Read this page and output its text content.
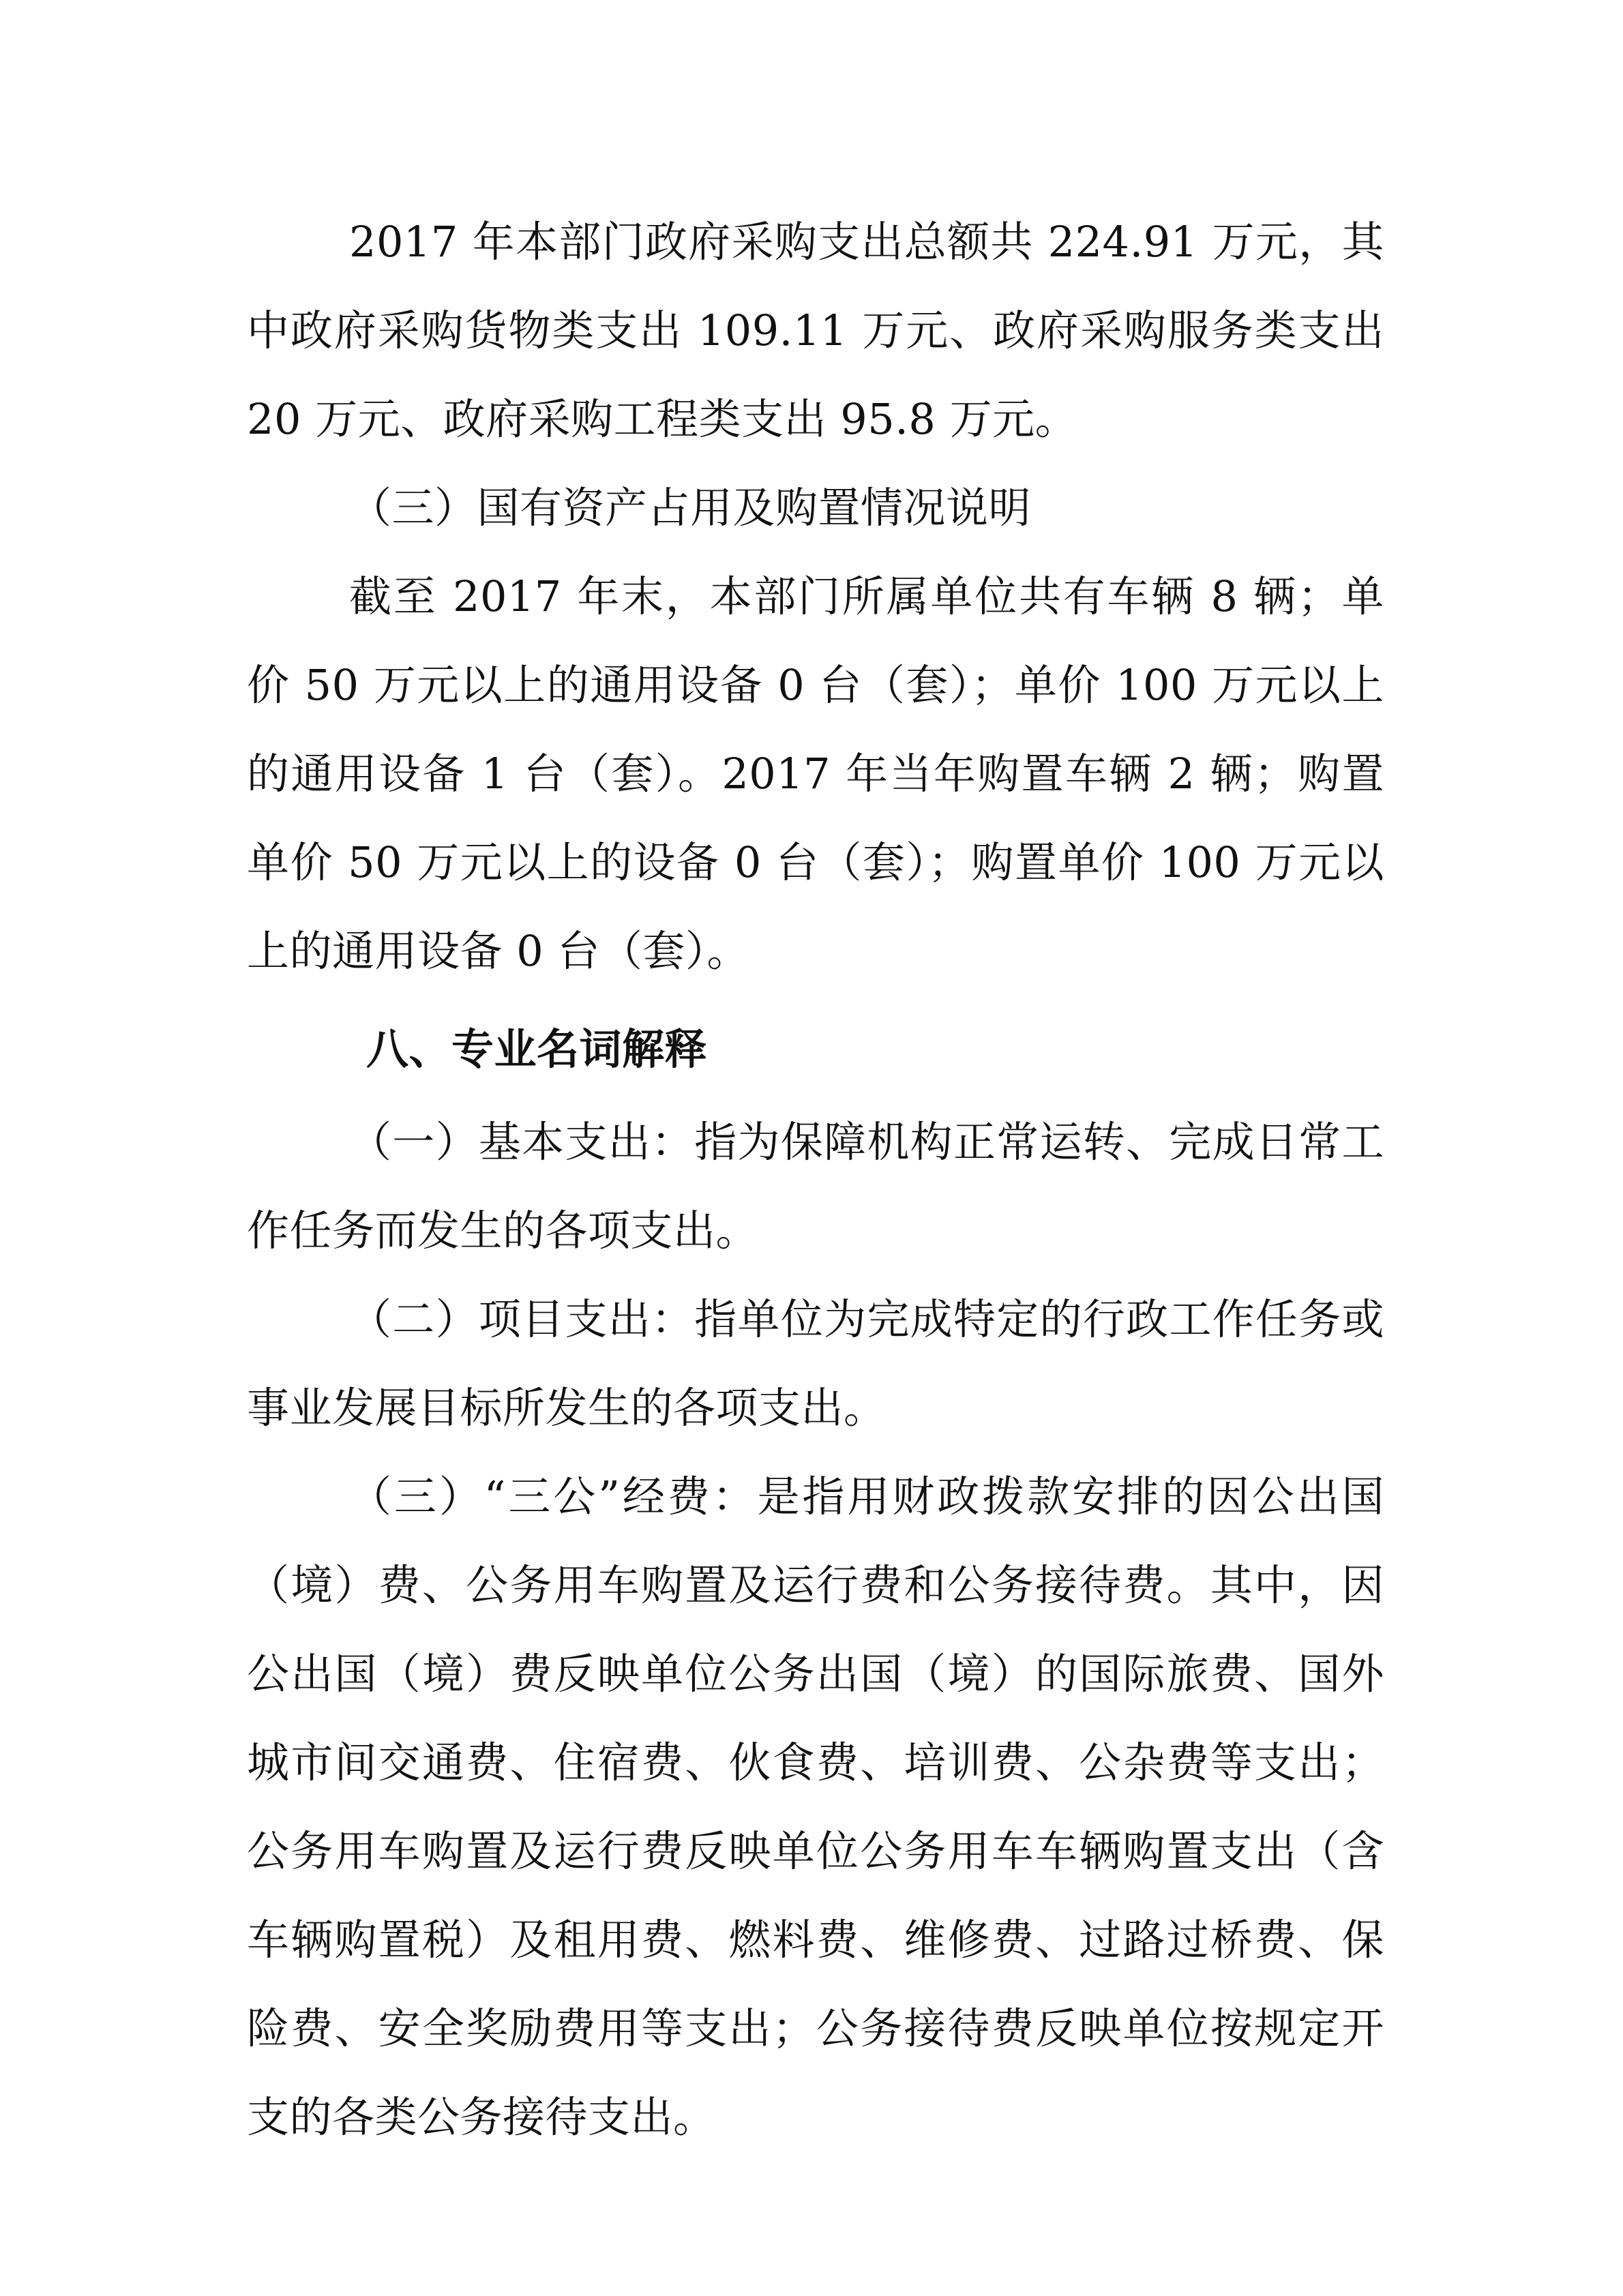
2017 年本部门政府采购支出总额共 224.91 万元，其中政府采购货物类支出 109.11 万元、政府采购服务类支出 20 万元、政府采购工程类支出 95.8 万元。

（三）国有资产占用及购置情况说明

截至 2017 年末，本部门所属单位共有车辆 8 辆；单价 50 万元以上的通用设备 0 台（套）；单价 100 万元以上的通用设备 1 台（套）。2017 年当年购置车辆 2 辆；购置单价 50 万元以上的设备 0 台（套）；购置单价 100 万元以上的通用设备 0 台（套）。

八、专业名词解释

（一）基本支出：指为保障机构正常运转、完成日常工作任务而发生的各项支出。

（二）项目支出：指单位为完成特定的行政工作任务或事业发展目标所发生的各项支出。

（三）“三公”经费：是指用财政拨款安排的因公出国（境）费、公务用车购置及运行费和公务接待费。其中，因公出国（境）费反映单位公务出国（境）的国际旅费、国外城市间交通费、住宿费、伙食费、培训费、公杂费等支出；公务用车购置及运行费反映单位公务用车车辆购置支出（含车辆购置税）及租用费、燃料费、维修费、过路过桥费、保险费、安全奖励费用等支出；公务接待费反映单位按规定开支的各类公务接待支出。
